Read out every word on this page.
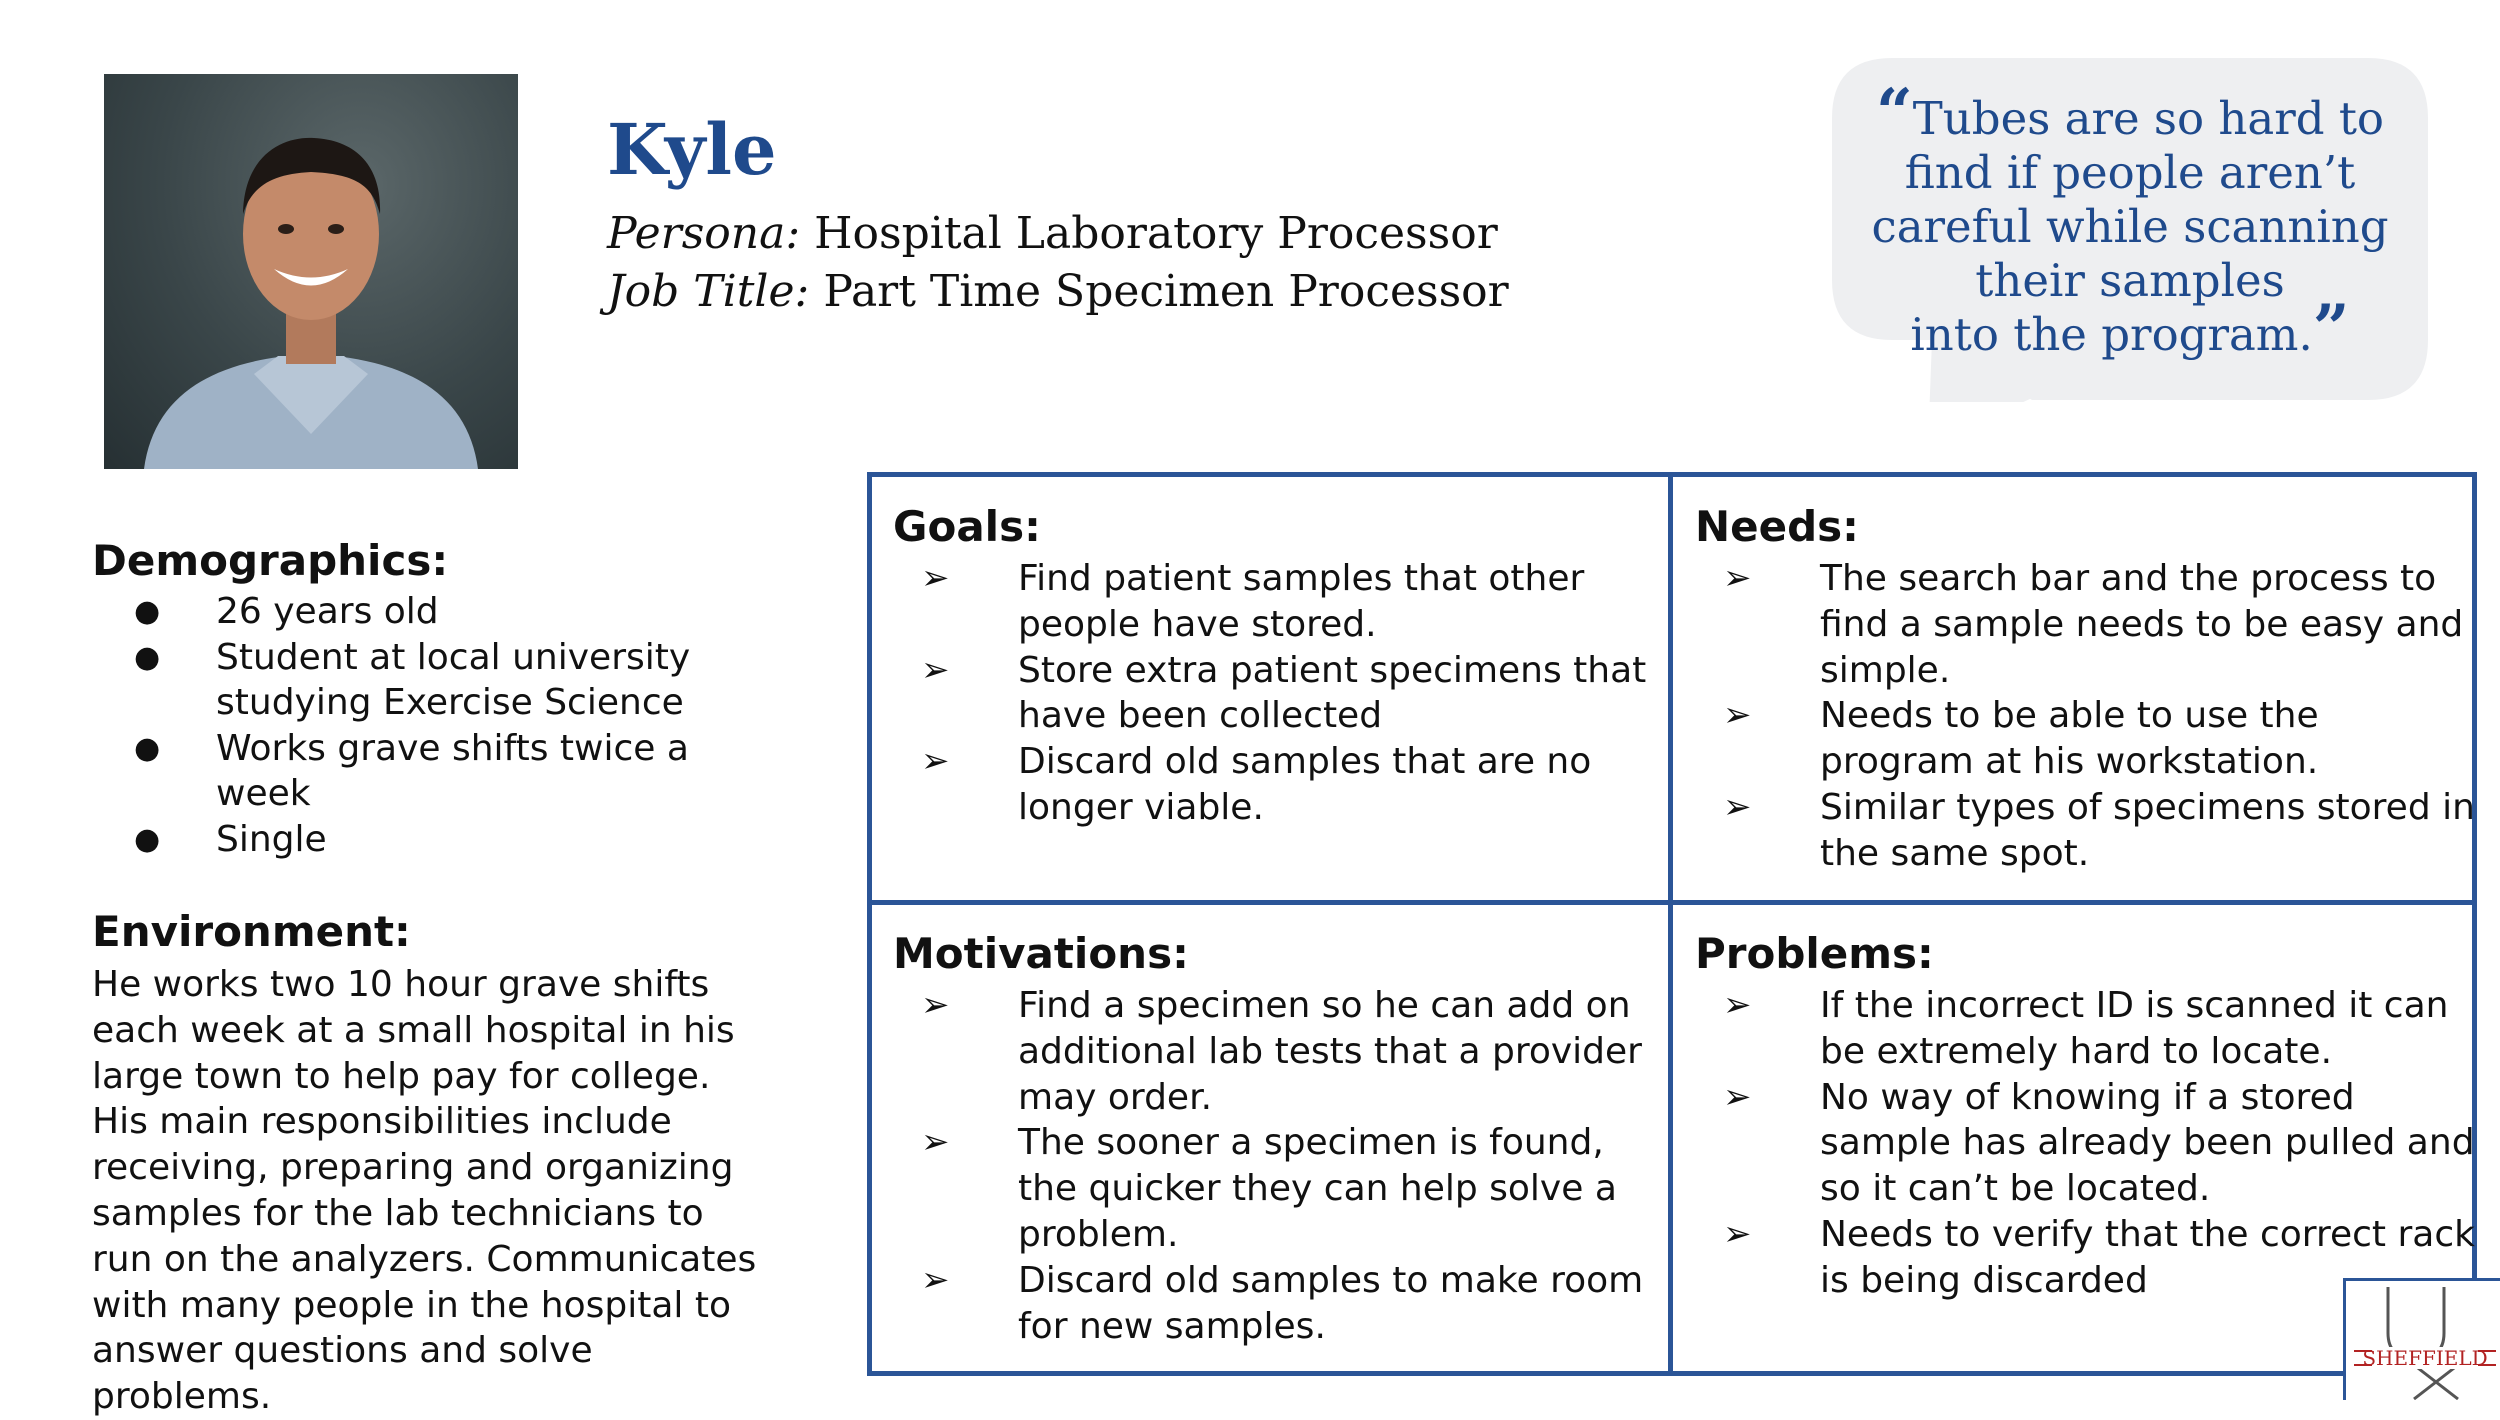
Kyle
Persona: Hospital Laboratory Processor
Job Title: Part Time Specimen Processor
“Tubes are so hard to
find if people aren’t
careful while scanning
their samples
into the program.”
Demographics:
● 26 years old
● Student at local university studying Exercise Science
● Works grave shifts twice a week
● Single
Environment:

He works two 10 hour grave shifts each week at a small hospital in his large town to help pay for college. His main responsibilities include receiving, preparing and organizing samples for the lab technicians to run on the analyzers. Communicates with many people in the hospital to answer questions and solve problems.

Goals:
➢ Find patient samples that other people have stored.
➢ Store extra patient specimens that have been collected
➢ Discard old samples that are no longer viable.
Needs:
➢ The search bar and the process to find a sample needs to be easy and simple.
➢ Needs to be able to use the program at his workstation.
➢ Similar types of specimens stored in the same spot.
Motivations:
➢ Find a specimen so he can add on additional lab tests that a provider may order.
➢ The sooner a specimen is found, the quicker they can help solve a problem.
➢ Discard old samples to make room for new samples.
Problems:
➢ If the incorrect ID is scanned it can be extremely hard to locate.
➢ No way of knowing if a stored sample has already been pulled and so it can’t be located.
➢ Needs to verify that the correct rack is being discarded
SHEFFIELD
